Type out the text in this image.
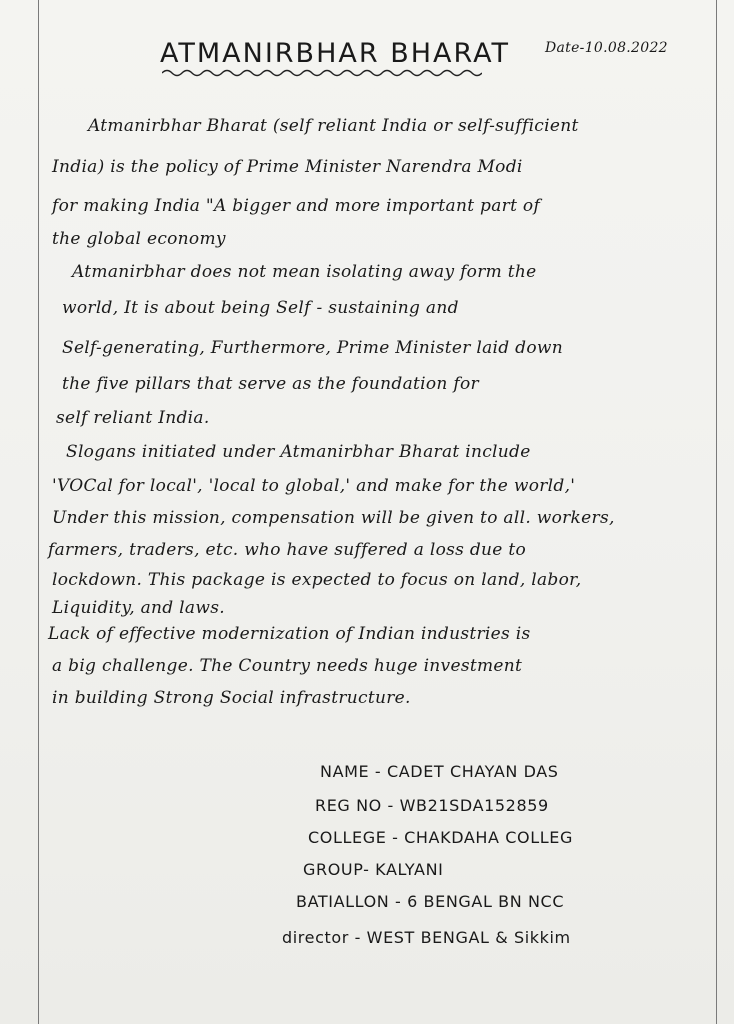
ATMANIRBHAR BHARAT Date-10.08.2022
Atmanirbhar Bharat (self reliant India or self-sufficient
India) is the policy of Prime Minister Narendra Modi
for making India "A bigger and more important part of
the global economy
Atmanirbhar does not mean isolating away form the
world, It is about being Self - sustaining and
Self-generating, Furthermore, Prime Minister laid down
the five pillars that serve as the foundation for
self reliant India.
Slogans initiated under Atmanirbhar Bharat include
'VOCal for local', 'local to global,' and make for the world,'
Under this mission, compensation will be given to all. workers,
farmers, traders, etc. who have suffered a loss due to
lockdown. This package is expected to focus on land, labor,
Liquidity, and laws.
Lack of effective modernization of Indian industries is
a big challenge. The Country needs huge investment
in building Strong Social infrastructure.
NAME - CADET CHAYAN DAS
REG NO - WB21SDA152859
COLLEGE - CHAKDAHA COLLEG
GROUP- KALYANI
BATIALLON - 6 BENGAL BN NCC
director - WEST BENGAL & Sikkim
